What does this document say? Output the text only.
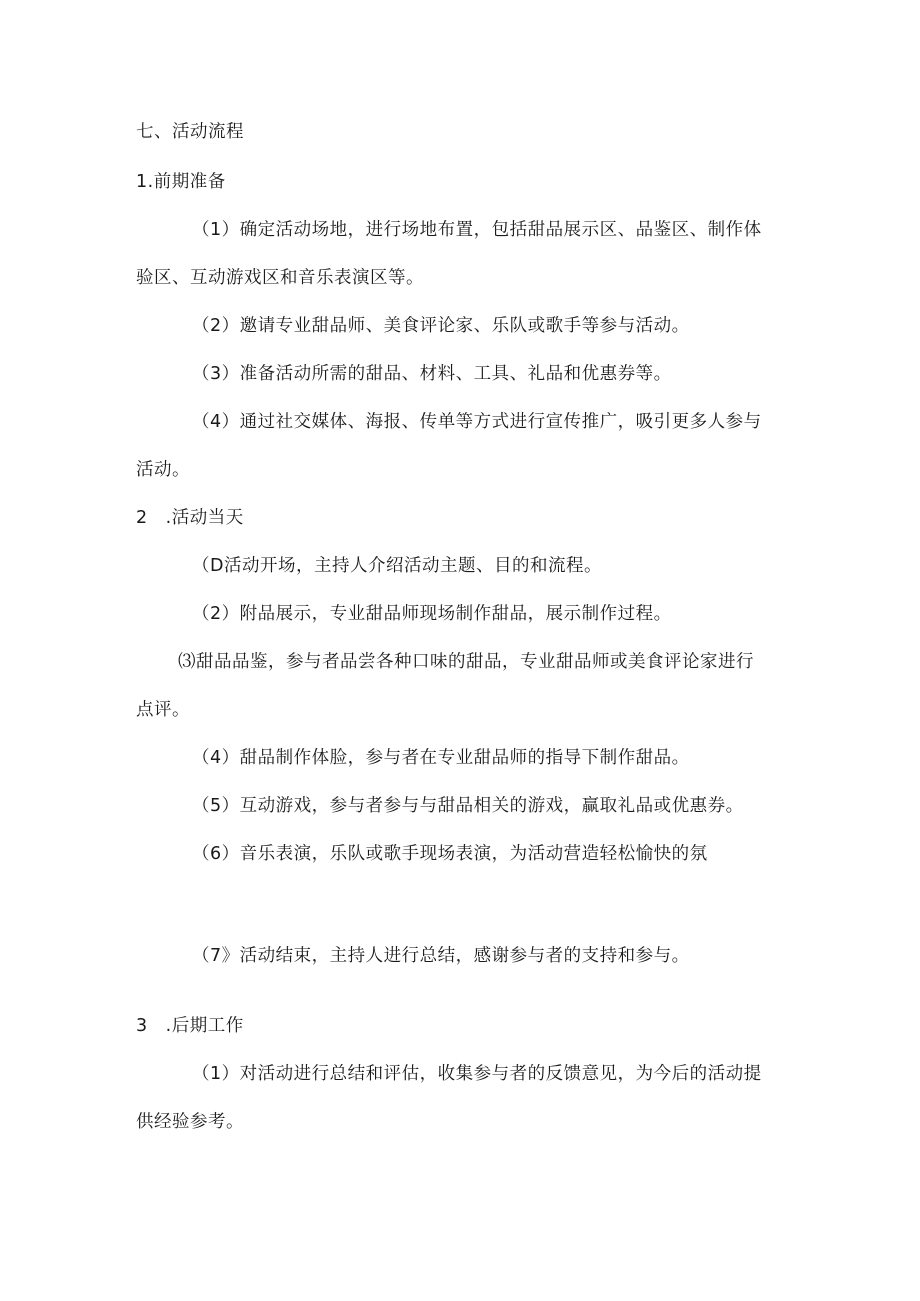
七、活动流程
1.前期准备
（1）确定活动场地，进行场地布置，包括甜品展示区、品鉴区、制作体
验区、互动游戏区和音乐表演区等。
（2）邀请专业甜品师、美食评论家、乐队或歌手等参与活动。
（3）准备活动所需的甜品、材料、工具、礼品和优惠券等。
（4）通过社交媒体、海报、传单等方式进行宣传推广，吸引更多人参与
活动。
2　.活动当天
（D活动开场，主持人介绍活动主题、目的和流程。
（2）附品展示，专业甜品师现场制作甜品，展示制作过程。
⑶甜品品鉴，参与者品尝各种口味的甜品，专业甜品师或美食评论家进行
点评。
（4）甜品制作体脸，参与者在专业甜品师的指导下制作甜品。
（5）互动游戏，参与者参与与甜品相关的游戏，赢取礼品或优惠券。
（6）音乐表演，乐队或歌手现场表演，为活动营造轻松愉快的氛
（7》活动结束，主持人进行总结，感谢参与者的支持和参与。
3　.后期工作
（1）对活动进行总结和评估，收集参与者的反馈意见，为今后的活动提
供经验参考。
